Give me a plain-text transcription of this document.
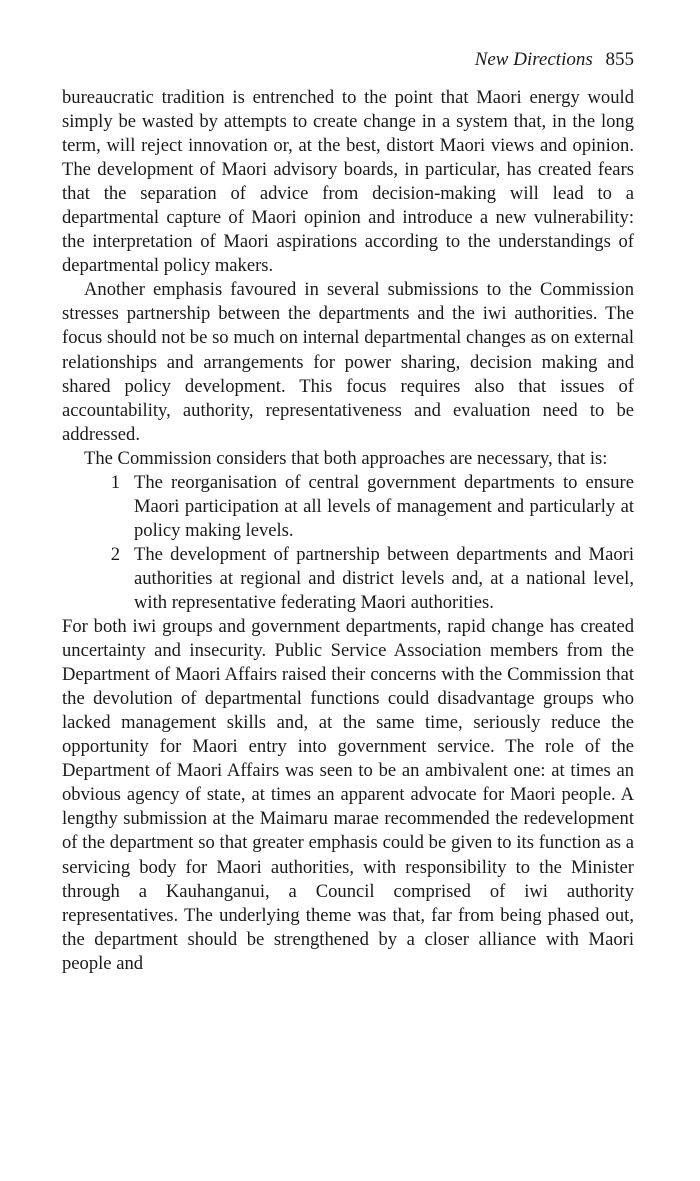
New Directions 855

bureaucratic tradition is entrenched to the point that Maori energy would simply be wasted by attempts to create change in a system that, in the long term, will reject innovation or, at the best, distort Maori views and opinion. The development of Maori advisory boards, in particular, has created fears that the separation of advice from decision-making will lead to a departmental capture of Maori opinion and introduce a new vulnerability: the interpretation of Maori aspirations according to the understandings of departmental policy makers.

Another emphasis favoured in several submissions to the Commission stresses partnership between the departments and the iwi authorities. The focus should not be so much on internal departmental changes as on external relationships and arrangements for power sharing, decision making and shared policy development. This focus requires also that issues of accountability, authority, representativeness and evaluation need to be addressed.

The Commission considers that both approaches are necessary, that is:

1 The reorganisation of central government departments to ensure Maori participation at all levels of management and particularly at policy making levels.
2 The development of partnership between departments and Maori authorities at regional and district levels and, at a national level, with representative federating Maori authorities.

For both iwi groups and government departments, rapid change has created uncertainty and insecurity. Public Service Association members from the Department of Maori Affairs raised their concerns with the Commission that the devolution of departmental functions could disadvantage groups who lacked management skills and, at the same time, seriously reduce the opportunity for Maori entry into government service. The role of the Department of Maori Affairs was seen to be an ambivalent one: at times an obvious agency of state, at times an apparent advocate for Maori people. A lengthy submission at the Maimaru marae recommended the redevelopment of the department so that greater emphasis could be given to its function as a servicing body for Maori authorities, with responsibility to the Minister through a Kauhanganui, a Council comprised of iwi authority representatives. The underlying theme was that, far from being phased out, the department should be strengthened by a closer alliance with Maori people and
